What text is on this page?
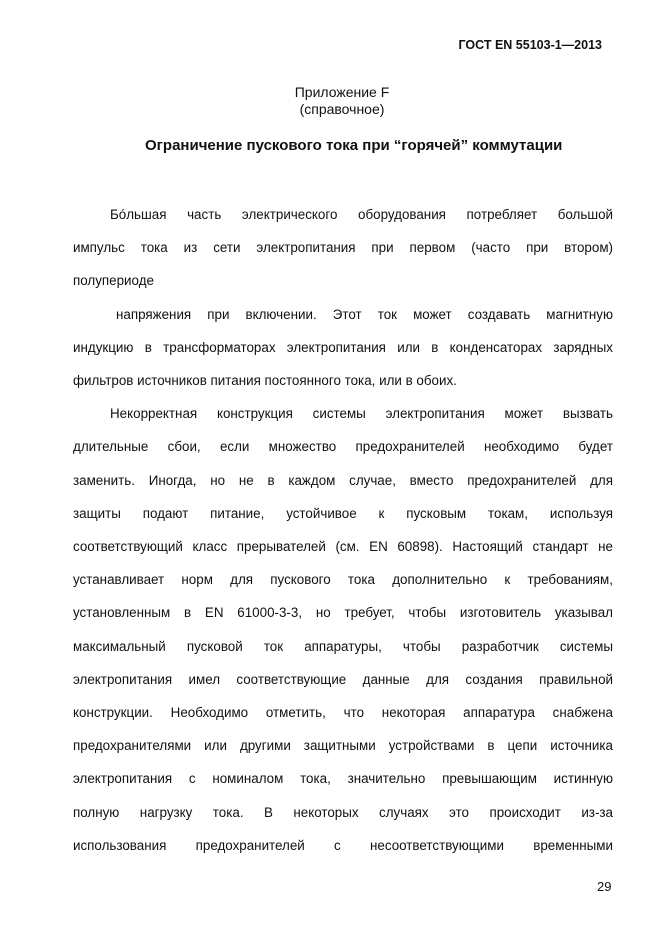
ГОСТ EN 55103-1—2013
Приложение F
(справочное)
Ограничение пускового тока при “горячей” коммутации
Бóльшая часть электрического оборудования потребляет большой
импульс тока из сети электропитания при первом (часто при втором)
полупериоде
напряжения при включении. Этот ток может создавать магнитную
индукцию в трансформаторах электропитания или в конденсаторах зарядных
фильтров источников питания постоянного тока, или в обоих.
Некорректная конструкция системы электропитания может вызвать
длительные сбои, если множество предохранителей необходимо будет
заменить. Иногда, но не в каждом случае, вместо предохранителей для
защиты подают питание, устойчивое к пусковым токам, используя
соответствующий класс прерывателей (см. EN 60898). Настоящий стандарт не
устанавливает норм для пускового тока дополнительно к требованиям,
установленным в EN 61000-3-3, но требует, чтобы изготовитель указывал
максимальный пусковой ток аппаратуры, чтобы разработчик системы
электропитания имел соответствующие данные для создания правильной
конструкции. Необходимо отметить, что некоторая аппаратура снабжена
предохранителями или другими защитными устройствами в цепи источника
электропитания с номиналом тока, значительно превышающим истинную
полную нагрузку тока. В некоторых случаях это происходит из-за
использования предохранителей с несоответствующими временными
29
